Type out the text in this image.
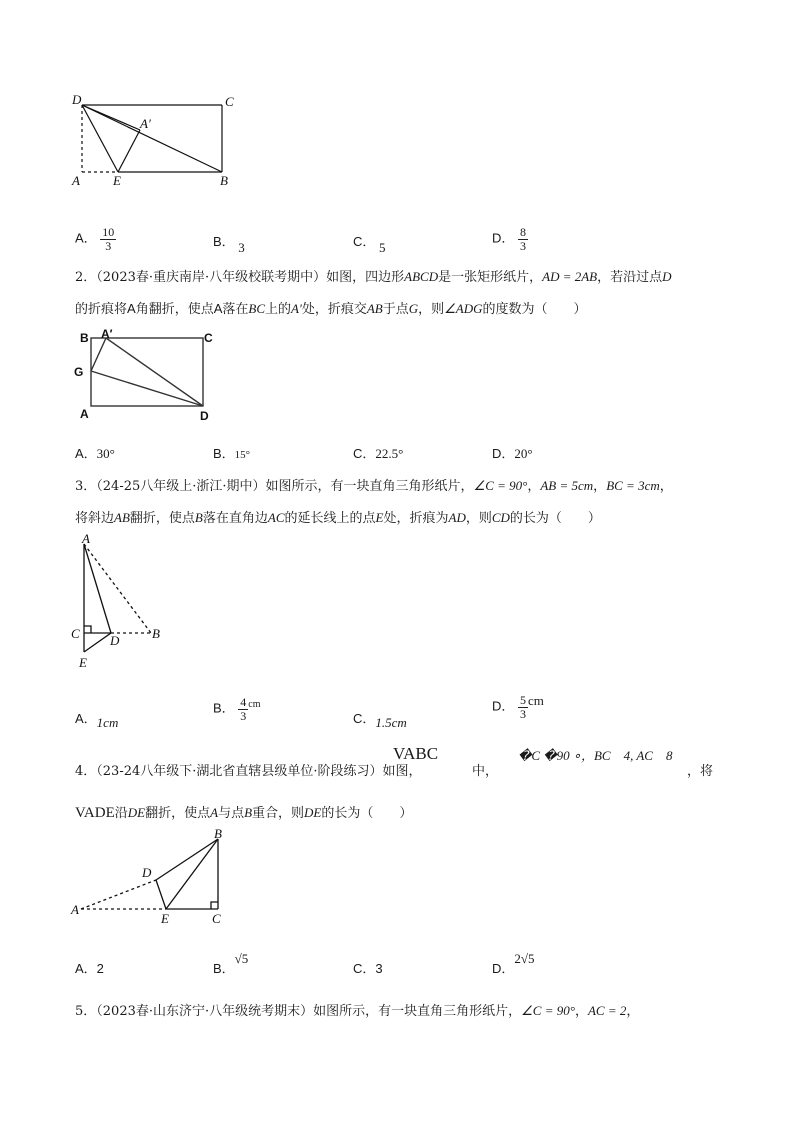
D	C
A′
A	E	B
A． $\frac{10}{3}$	B． 3	C． 5
D． $\frac{8}{3}$
2．（2023春·重庆南岸·八年级校联考期中）如图，四边形ABCD是一张矩形纸片，AD = 2AB，若沿过点D
的折痕将A角翻折，使点A落在BC上的A′处，折痕交AB于点G，则∠ADG的度数为（　　）
B A′	C
G
A	D
A．30°	B．15°	C．22.5°	D．20°
3．（24-25八年级上·浙江·期中）如图所示，有一块直角三角形纸片，∠C = 90°，AB = 5cm，BC = 3cm，
将斜边AB翻折，使点B落在直角边AC的延长线上的点E处，折痕为AD，则CD的长为（　　）
A
C D	B
E
A．1cm
B． $\frac{4}{3} ^{cm}$
C．1.5cm
D． $\frac{5}{3}$ cm
4．（23-24八年级下·湖北省直辖县级单位·阶段练习）如图，
VABC
中，
�C �90 ∘，BC　4, AC　8
，将
VADE沿DE翻折，使点A与点B重合，则DE的长为（　　）
B
D
A
E	C
A．2	B．√5
C．3	D．2√5
5．（2023春·山东济宁·八年级统考期末）如图所示，有一块直角三角形纸片，∠C = 90°，AC = 2，
